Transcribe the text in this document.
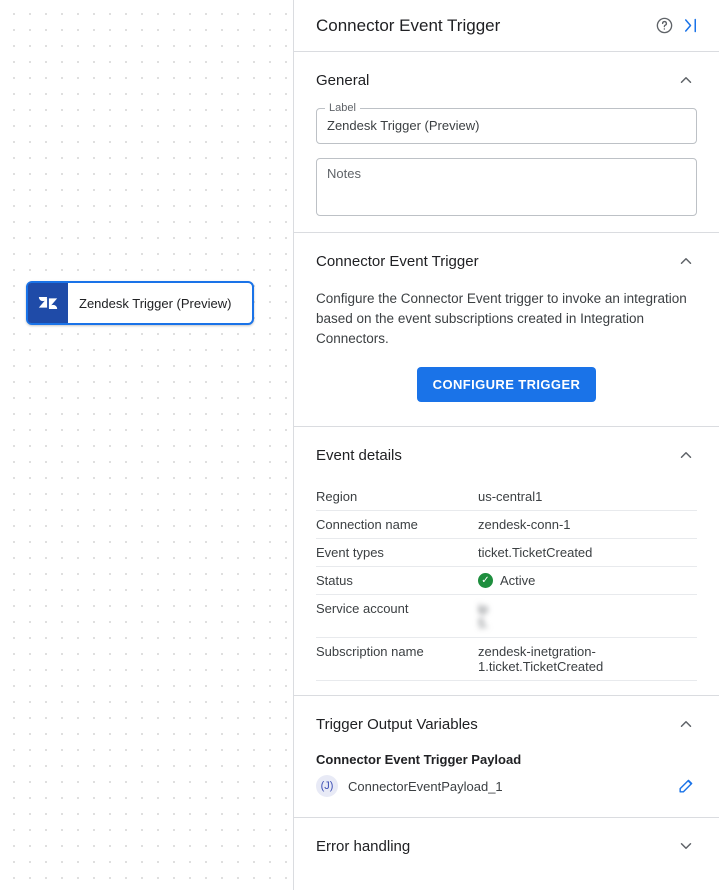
Zendesk Trigger (Preview)
Connector Event Trigger
General
Label
Zendesk Trigger (Preview)
Notes
Connector Event Trigger

Configure the Connector Event trigger to invoke an integration based on the event subscriptions created in Integration Connectors.

CONFIGURE TRIGGER
Event details
Region	us-central1
Connection name	zendesk-conn-1
Event types	ticket.TicketCreated
Status	✓ Active

Service account	ip
5.

Subscription name	zendesk-inetgration-1.ticket.TicketCreated
Trigger Output Variables
Connector Event Trigger Payload
(J)	ConnectorEventPayload_1
Error handling
